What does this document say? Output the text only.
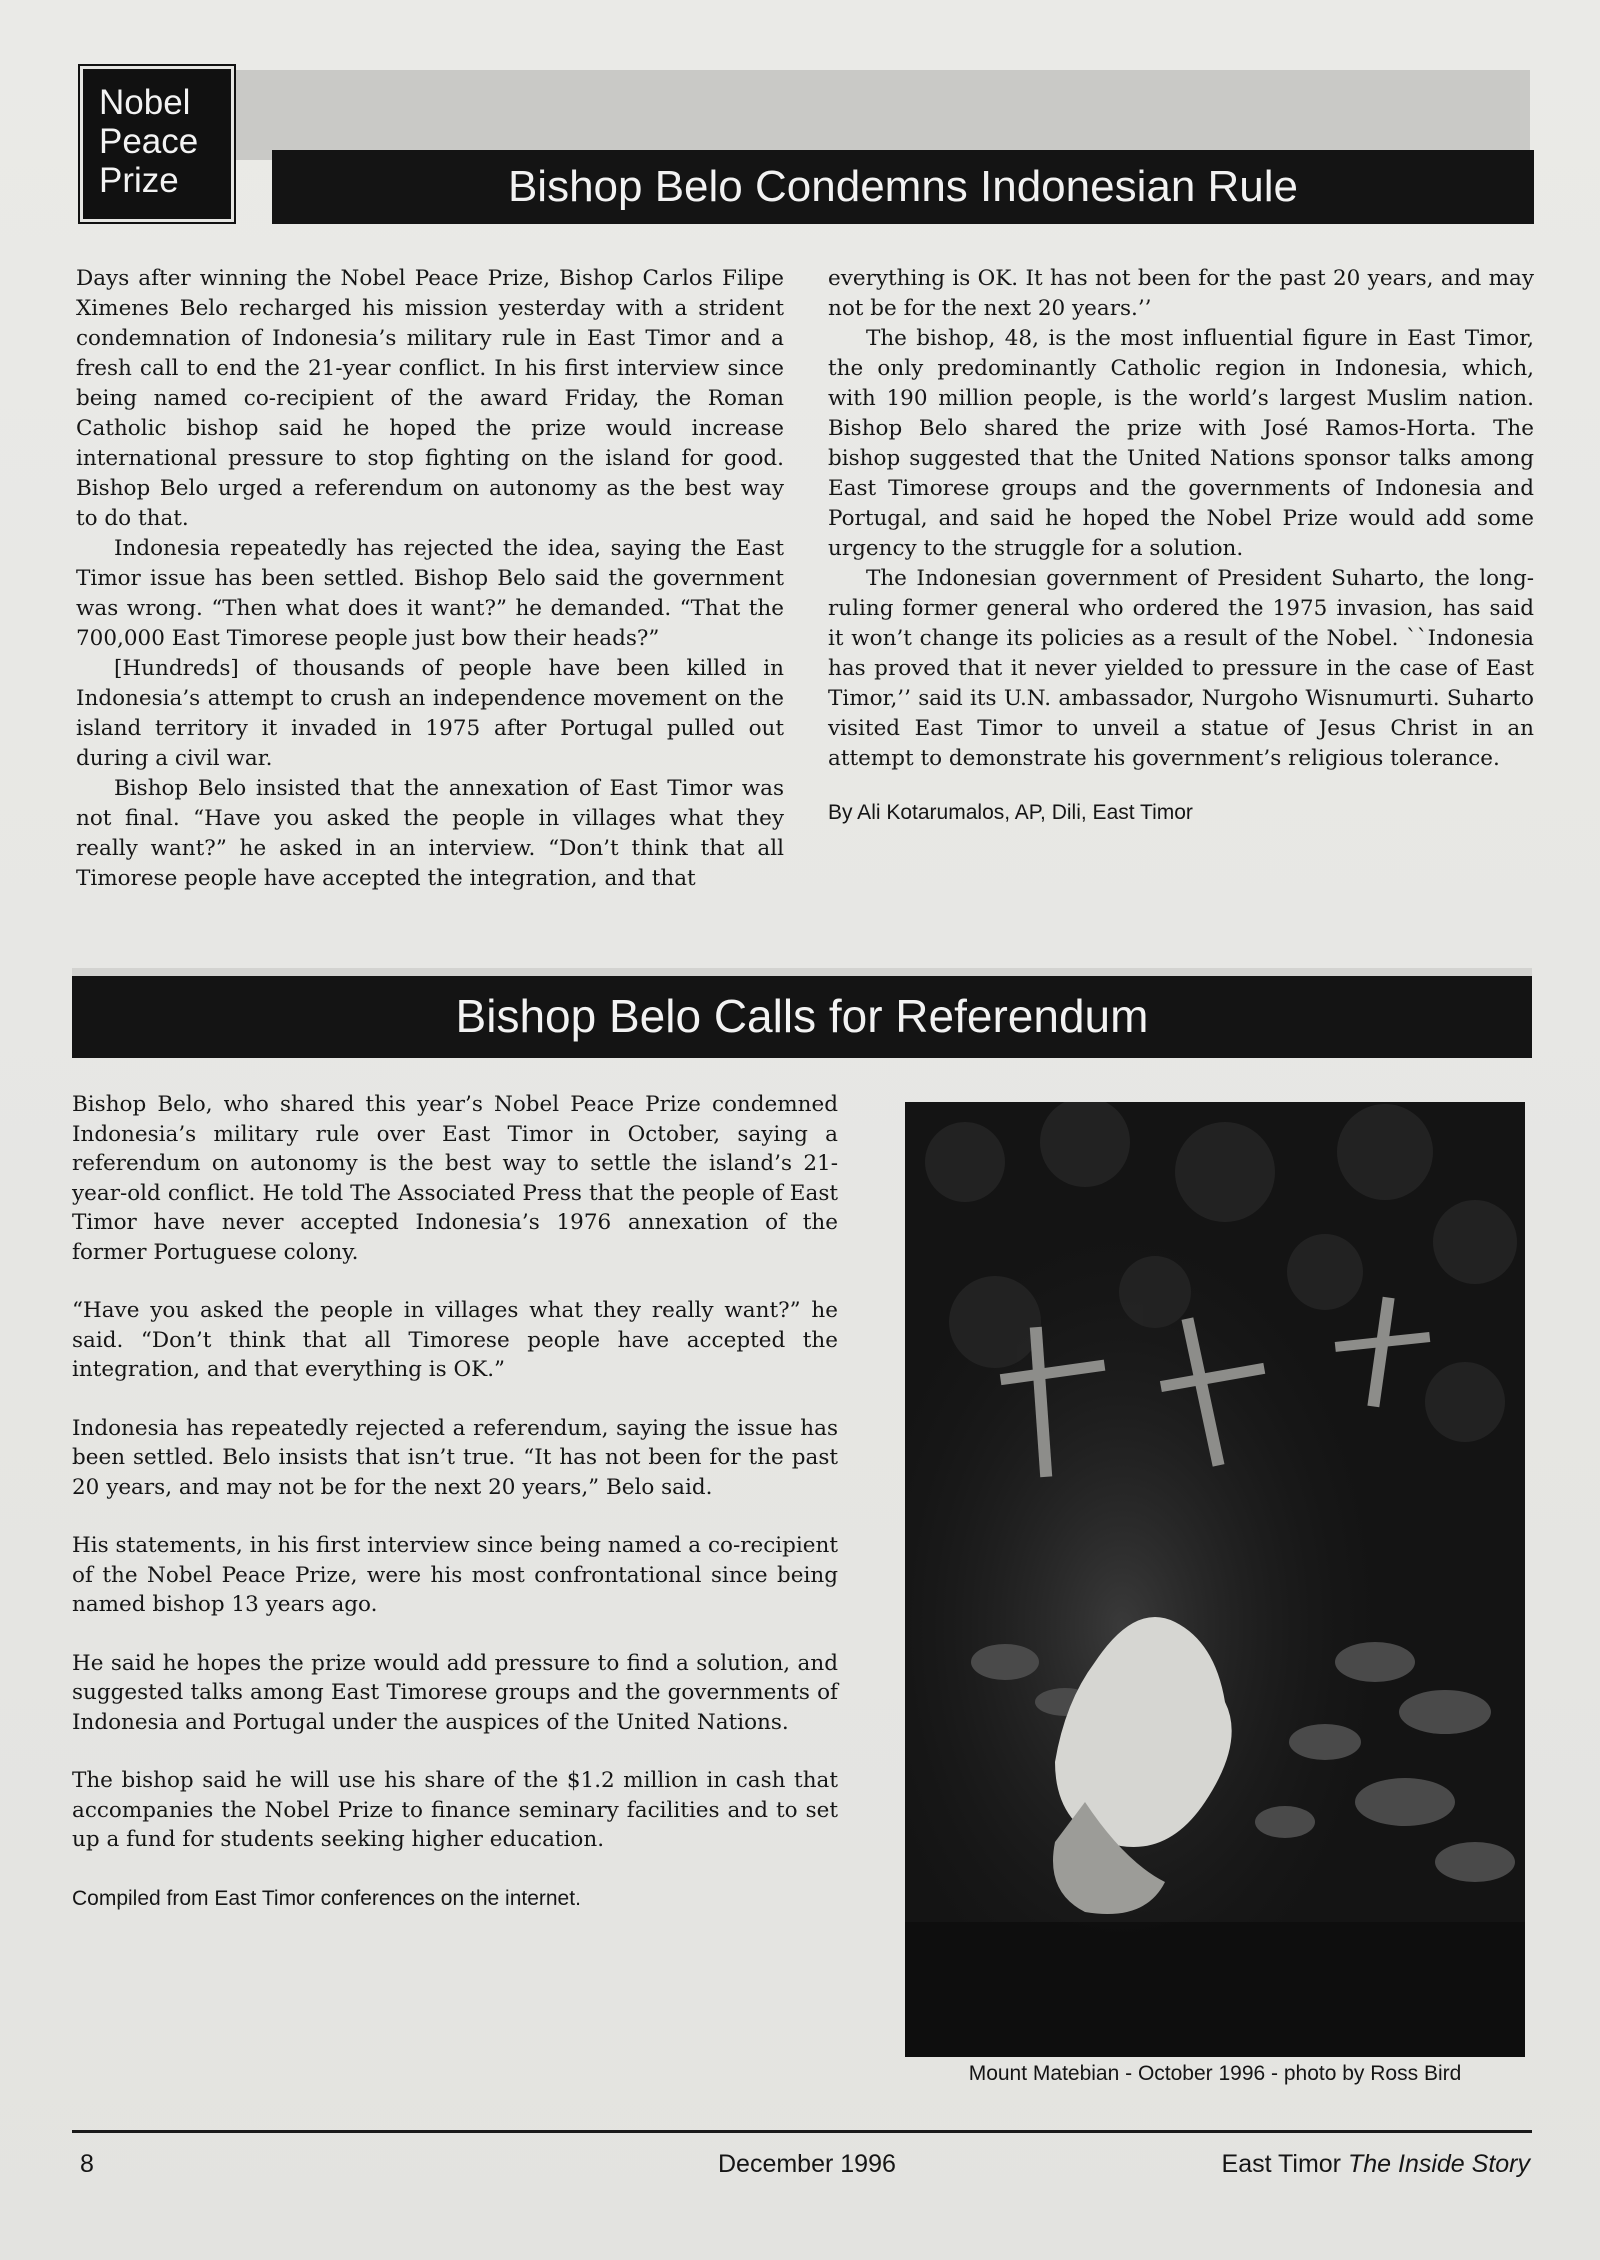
Nobel
Peace
Prize	Bishop Belo Condemns Indonesian Rule

Days after winning the Nobel Peace Prize, Bishop Carlos Filipe Ximenes Belo recharged his mission yesterday with a strident condemnation of Indonesia’s military rule in East Timor and a fresh call to end the 21-year conflict. In his first interview since being named co-recipient of the award Friday, the Roman Catholic bishop said he hoped the prize would increase international pressure to stop fighting on the island for good. Bishop Belo urged a referendum on autonomy as the best way to do that.

Indonesia repeatedly has rejected the idea, saying the East Timor issue has been settled. Bishop Belo said the government was wrong. “Then what does it want?” he demanded. “That the 700,000 East Timorese people just bow their heads?”

[Hundreds] of thousands of people have been killed in Indonesia’s attempt to crush an independence movement on the island territory it invaded in 1975 after Portugal pulled out during a civil war.

Bishop Belo insisted that the annexation of East Timor was not final. “Have you asked the people in villages what they really want?” he asked in an interview. “Don’t think that all Timorese people have accepted the integration, and that

everything is OK. It has not been for the past 20 years, and may not be for the next 20 years.’’

The bishop, 48, is the most influential figure in East Timor, the only predominantly Catholic region in Indonesia, which, with 190 million people, is the world’s largest Muslim nation. Bishop Belo shared the prize with José Ramos-Horta. The bishop suggested that the United Nations sponsor talks among East Timorese groups and the governments of Indonesia and Portugal, and said he hoped the Nobel Prize would add some urgency to the struggle for a solution.

The Indonesian government of President Suharto, the long-ruling former general who ordered the 1975 invasion, has said it won’t change its policies as a result of the Nobel. ``Indonesia has proved that it never yielded to pressure in the case of East Timor,’’ said its U.N. ambassador, Nurgoho Wisnumurti. Suharto visited East Timor to unveil a statue of Jesus Christ in an attempt to demonstrate his government’s religious tolerance.

By Ali Kotarumalos, AP, Dili, East Timor

Bishop Belo Calls for Referendum

Bishop Belo, who shared this year’s Nobel Peace Prize condemned Indonesia’s military rule over East Timor in October, saying a referendum on autonomy is the best way to settle the island’s 21-year-old conflict. He told The Associated Press that the people of East Timor have never accepted Indonesia’s 1976 annexation of the former Portuguese colony.

“Have you asked the people in villages what they really want?” he said. “Don’t think that all Timorese people have accepted the integration, and that everything is OK.”

Indonesia has repeatedly rejected a referendum, saying the issue has been settled. Belo insists that isn’t true. “It has not been for the past 20 years, and may not be for the next 20 years,” Belo said.

His statements, in his first interview since being named a co-recipient of the Nobel Peace Prize, were his most confrontational since being named bishop 13 years ago.

He said he hopes the prize would add pressure to find a solution, and suggested talks among East Timorese groups and the governments of Indonesia and Portugal under the auspices of the United Nations.

The bishop said he will use his share of the $1.2 million in cash that accompanies the Nobel Prize to finance seminary facilities and to set up a fund for students seeking higher education.

Compiled from East Timor conferences on the internet.

Mount Matebian - October 1996 - photo by Ross Bird
8	December 1996	East Timor The Inside Story
